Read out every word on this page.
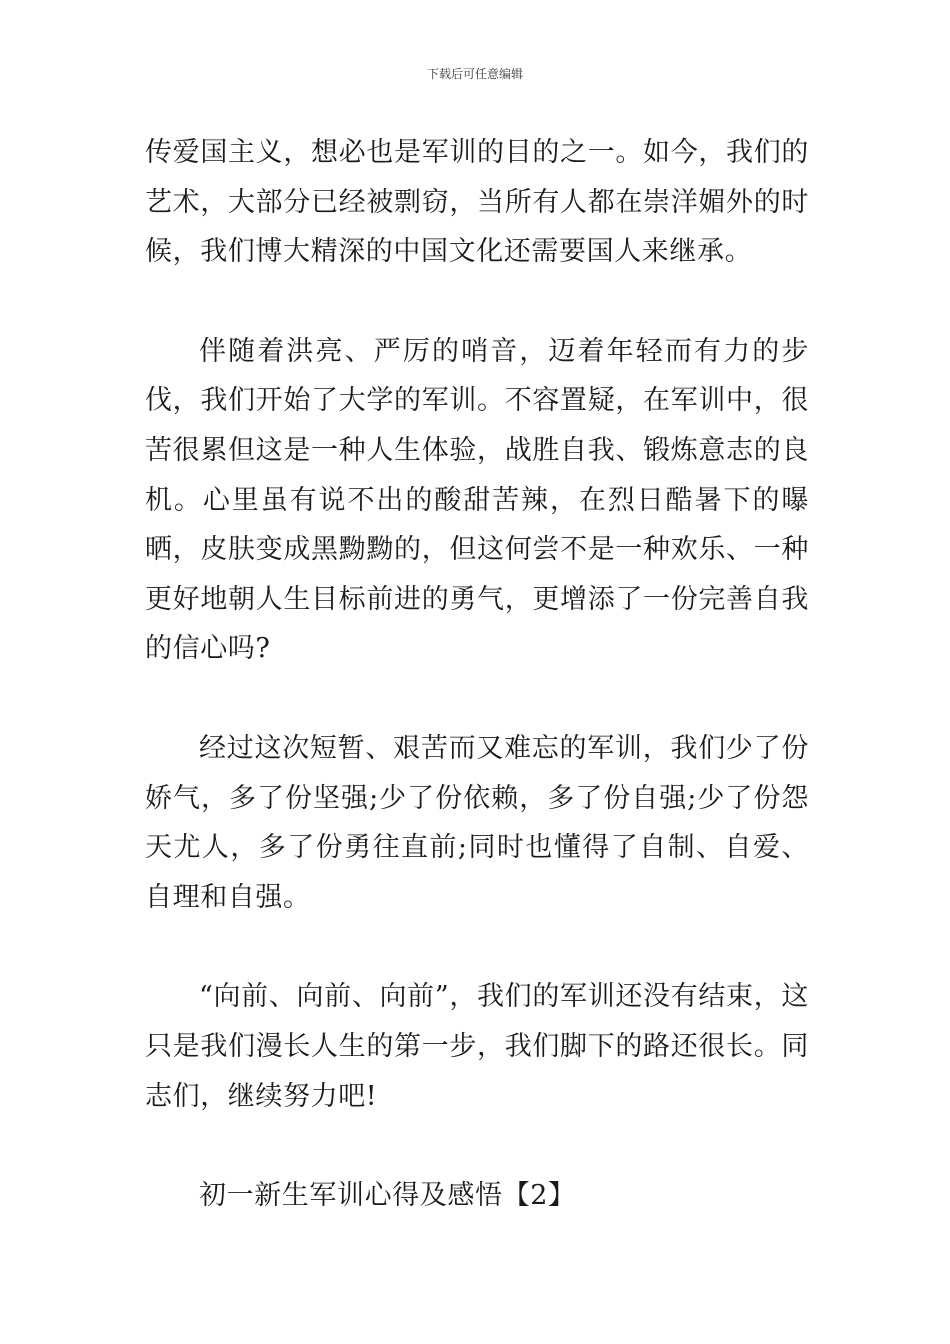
下载后可任意编辑

传爱国主义，想必也是军训的目的之一。如今，我们的艺术，大部分已经被剽窃，当所有人都在崇洋媚外的时候，我们博大精深的中国文化还需要国人来继承。

伴随着洪亮、严厉的哨音，迈着年轻而有力的步伐，我们开始了大学的军训。不容置疑，在军训中，很苦很累但这是一种人生体验，战胜自我、锻炼意志的良机。心里虽有说不出的酸甜苦辣，在烈日酷暑下的曝晒，皮肤变成黑黝黝的，但这何尝不是一种欢乐、一种更好地朝人生目标前进的勇气，更增添了一份完善自我的信心吗?

经过这次短暂、艰苦而又难忘的军训，我们少了份娇气，多了份坚强;少了份依赖，多了份自强;少了份怨天尤人，多了份勇往直前;同时也懂得了自制、自爱、自理和自强。

“向前、向前、向前”，我们的军训还没有结束，这只是我们漫长人生的第一步，我们脚下的路还很长。同志们，继续努力吧!

初一新生军训心得及感悟【2】
